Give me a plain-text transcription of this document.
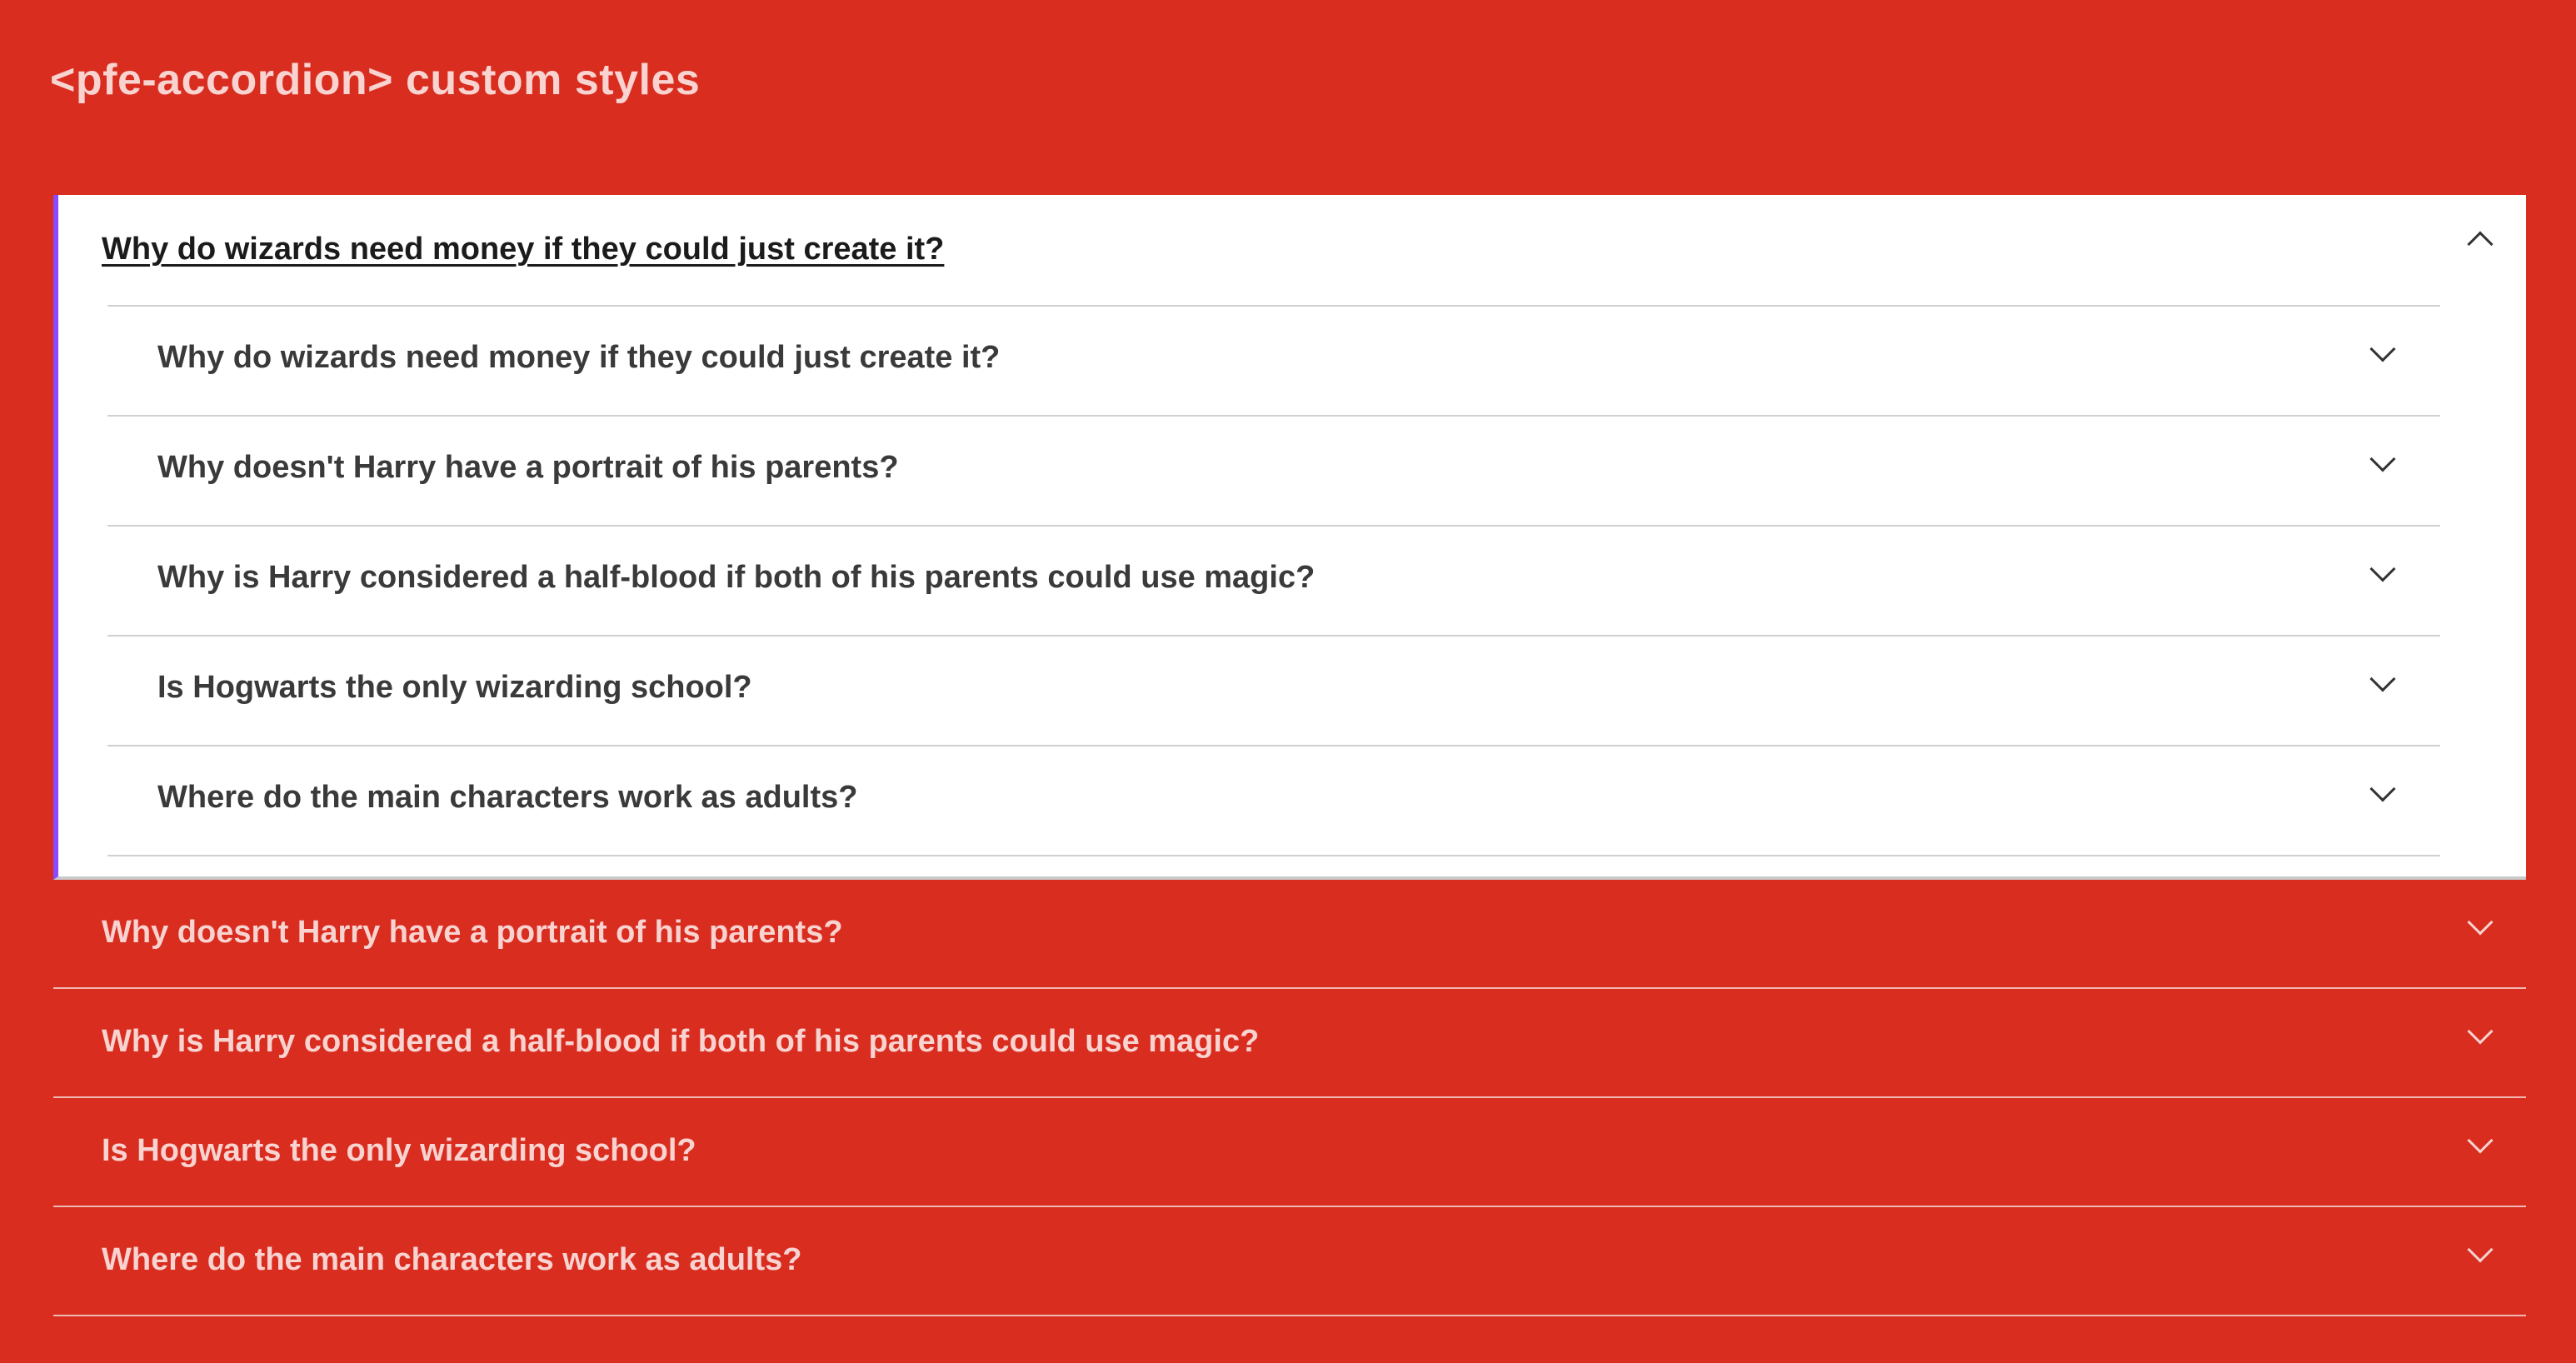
<pfe-accordion> custom styles
Why do wizards need money if they could just create it?
Why do wizards need money if they could just create it?
Why doesn't Harry have a portrait of his parents?
Why is Harry considered a half-blood if both of his parents could use magic?
Is Hogwarts the only wizarding school?
Where do the main characters work as adults?
Why doesn't Harry have a portrait of his parents?
Why is Harry considered a half-blood if both of his parents could use magic?
Is Hogwarts the only wizarding school?
Where do the main characters work as adults?
